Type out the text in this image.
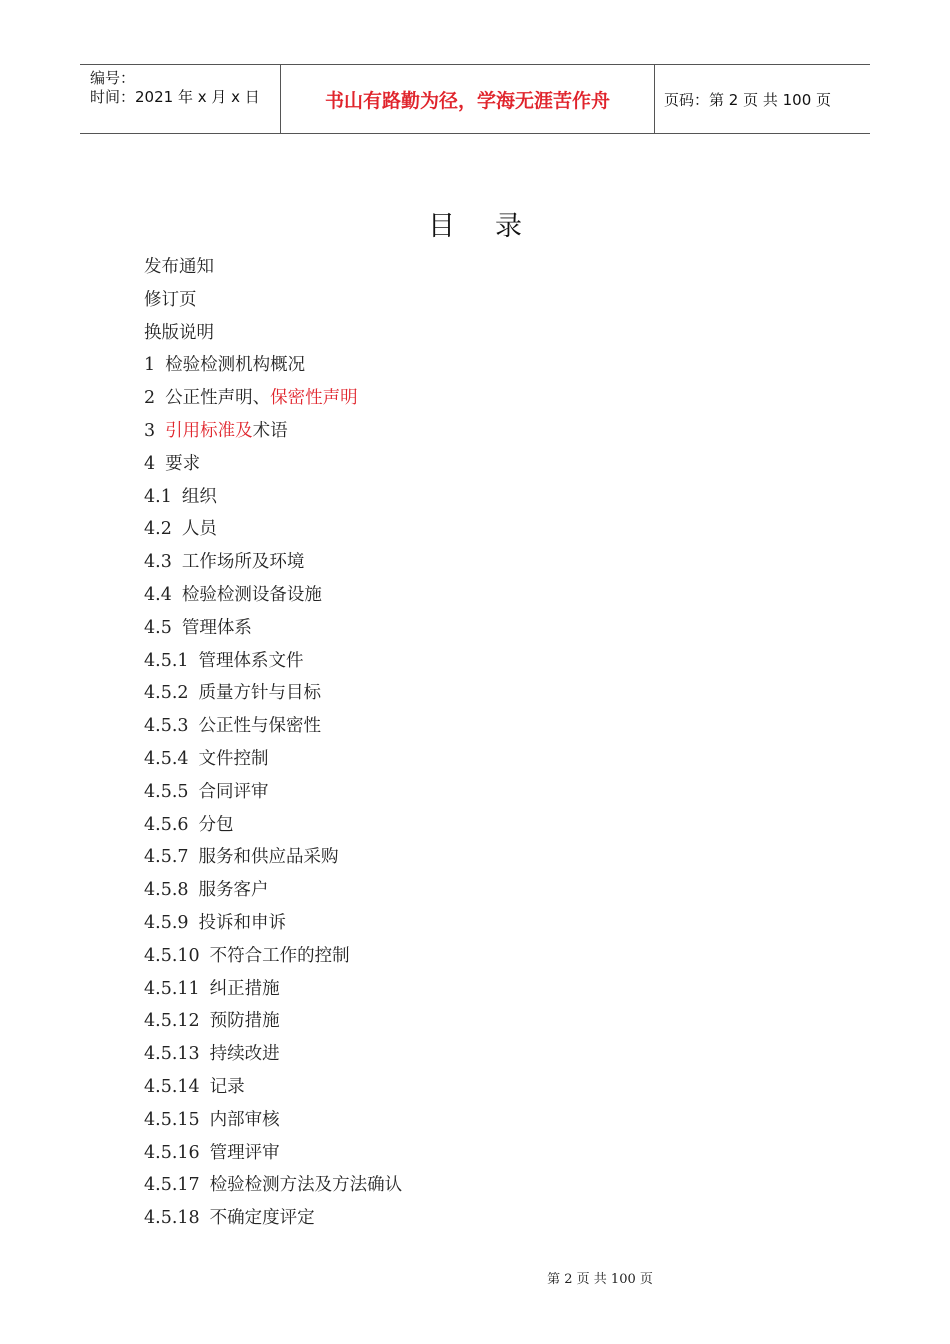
编号：
时间：2021 年 x 月 x 日	书山有路勤为径，学海无涯苦作舟	页码：第 2 页 共 100 页
目录
发布通知
修订页
换版说明
1 检验检测机构概况
2 公正性声明、保密性声明
3 引用标准及术语
4 要求
4.1 组织
4.2 人员
4.3 工作场所及环境
4.4 检验检测设备设施
4.5 管理体系
4.5.1 管理体系文件
4.5.2 质量方针与目标
4.5.3 公正性与保密性
4.5.4 文件控制
4.5.5 合同评审
4.5.6 分包
4.5.7 服务和供应品采购
4.5.8 服务客户
4.5.9 投诉和申诉
4.5.10 不符合工作的控制
4.5.11 纠正措施
4.5.12 预防措施
4.5.13 持续改进
4.5.14 记录
4.5.15 内部审核
4.5.16 管理评审
4.5.17 检验检测方法及方法确认
4.5.18 不确定度评定
第 2 页 共 100 页
